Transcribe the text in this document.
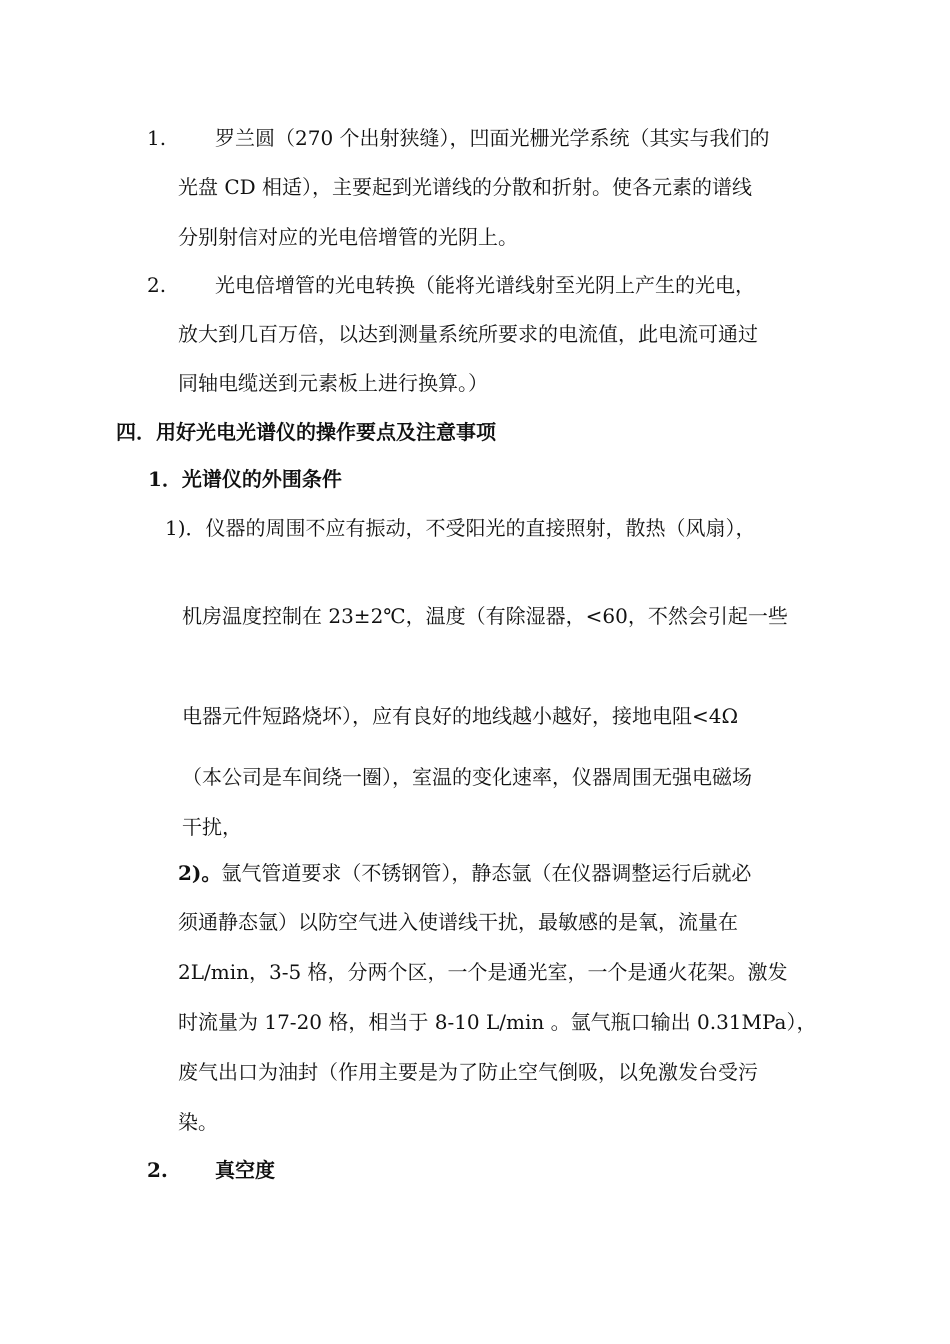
1. 罗兰圆（270 个出射狭缝），凹面光栅光学系统（其实与我们的
光盘 CD 相适），主要起到光谱线的分散和折射。使各元素的谱线
分别射信对应的光电倍增管的光阴上。
2. 光电倍增管的光电转换（能将光谱线射至光阴上产生的光电，
放大到几百万倍，以达到测量系统所要求的电流值，此电流可通过
同轴电缆送到元素板上进行换算。）
四．用好光电光谱仪的操作要点及注意事项
1．光谱仪的外围条件
1)．仪器的周围不应有振动，不受阳光的直接照射，散热（风扇），
机房温度控制在 23±2℃，温度（有除湿器，<60，不然会引起一些
电器元件短路烧坏），应有良好的地线越小越好，接地电阻<4Ω
（本公司是车间绕一圈），室温的变化速率，仪器周围无强电磁场
干扰，
2)。氩气管道要求（不锈钢管），静态氩（在仪器调整运行后就必
须通静态氩）以防空气进入使谱线干扰，最敏感的是氧，流量在
2L/min，3-5 格，分两个区，一个是通光室，一个是通火花架。激发
时流量为 17-20 格，相当于 8-10 L/min 。氩气瓶口输出 0.31MPa），
废气出口为油封（作用主要是为了防止空气倒吸，以免激发台受污
染。
2. 真空度
